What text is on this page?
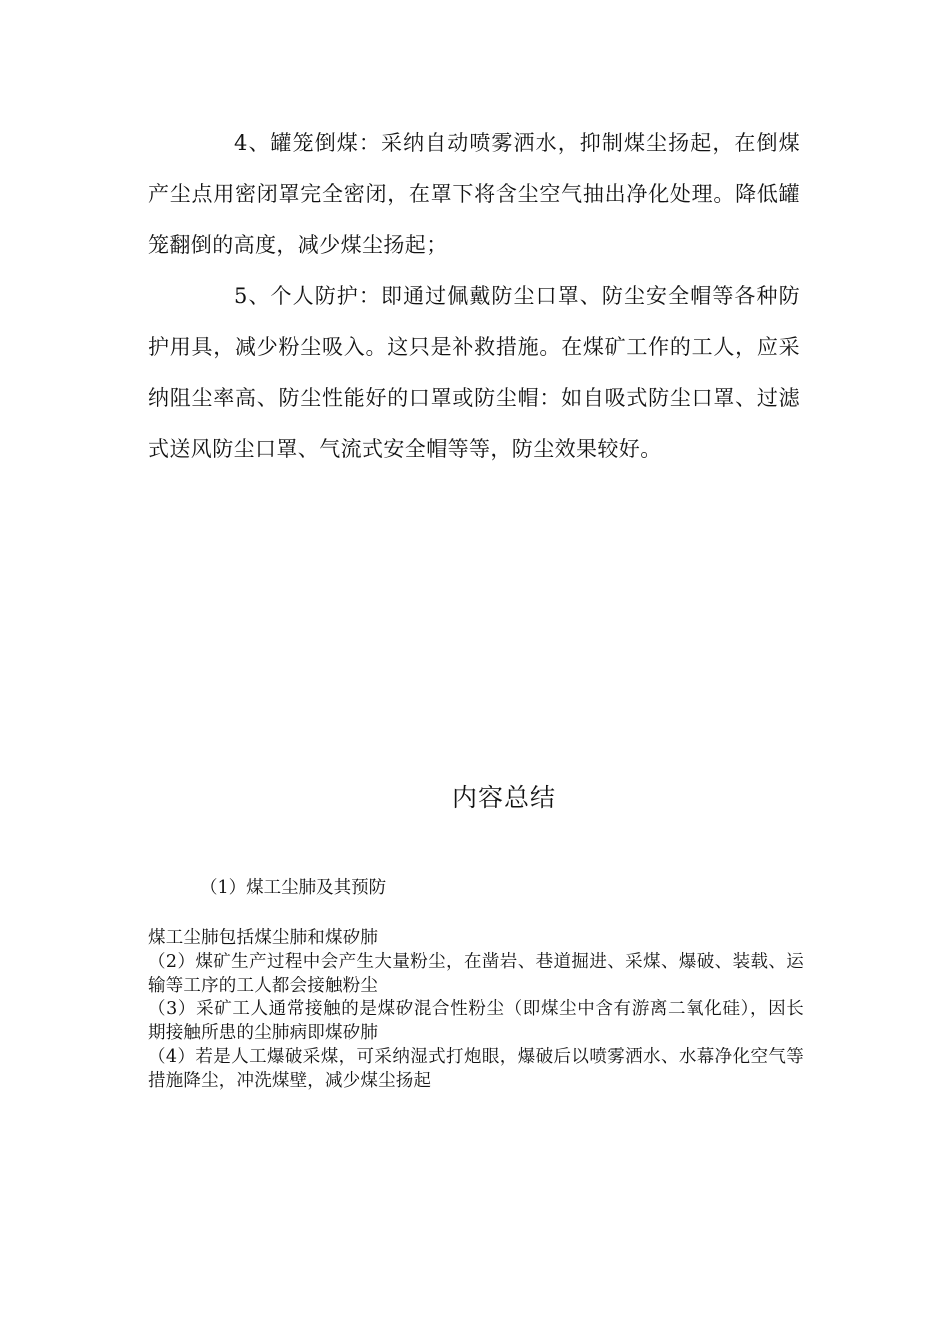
4、罐笼倒煤：采纳自动喷雾洒水，抑制煤尘扬起，在倒煤产尘点用密闭罩完全密闭，在罩下将含尘空气抽出净化处理。降低罐笼翻倒的高度，减少煤尘扬起；

5、个人防护：即通过佩戴防尘口罩、防尘安全帽等各种防护用具，减少粉尘吸入。这只是补救措施。在煤矿工作的工人，应采纳阻尘率高、防尘性能好的口罩或防尘帽：如自吸式防尘口罩、过滤式送风防尘口罩、气流式安全帽等等，防尘效果较好。

内容总结

（1）煤工尘肺及其预防

煤工尘肺包括煤尘肺和煤矽肺

（2）煤矿生产过程中会产生大量粉尘，在凿岩、巷道掘进、采煤、爆破、装载、运输等工序的工人都会接触粉尘

（3）采矿工人通常接触的是煤矽混合性粉尘（即煤尘中含有游离二氧化硅），因长期接触所患的尘肺病即煤矽肺

（4）若是人工爆破采煤，可采纳湿式打炮眼，爆破后以喷雾洒水、水幕净化空气等措施降尘，冲洗煤壁，减少煤尘扬起
